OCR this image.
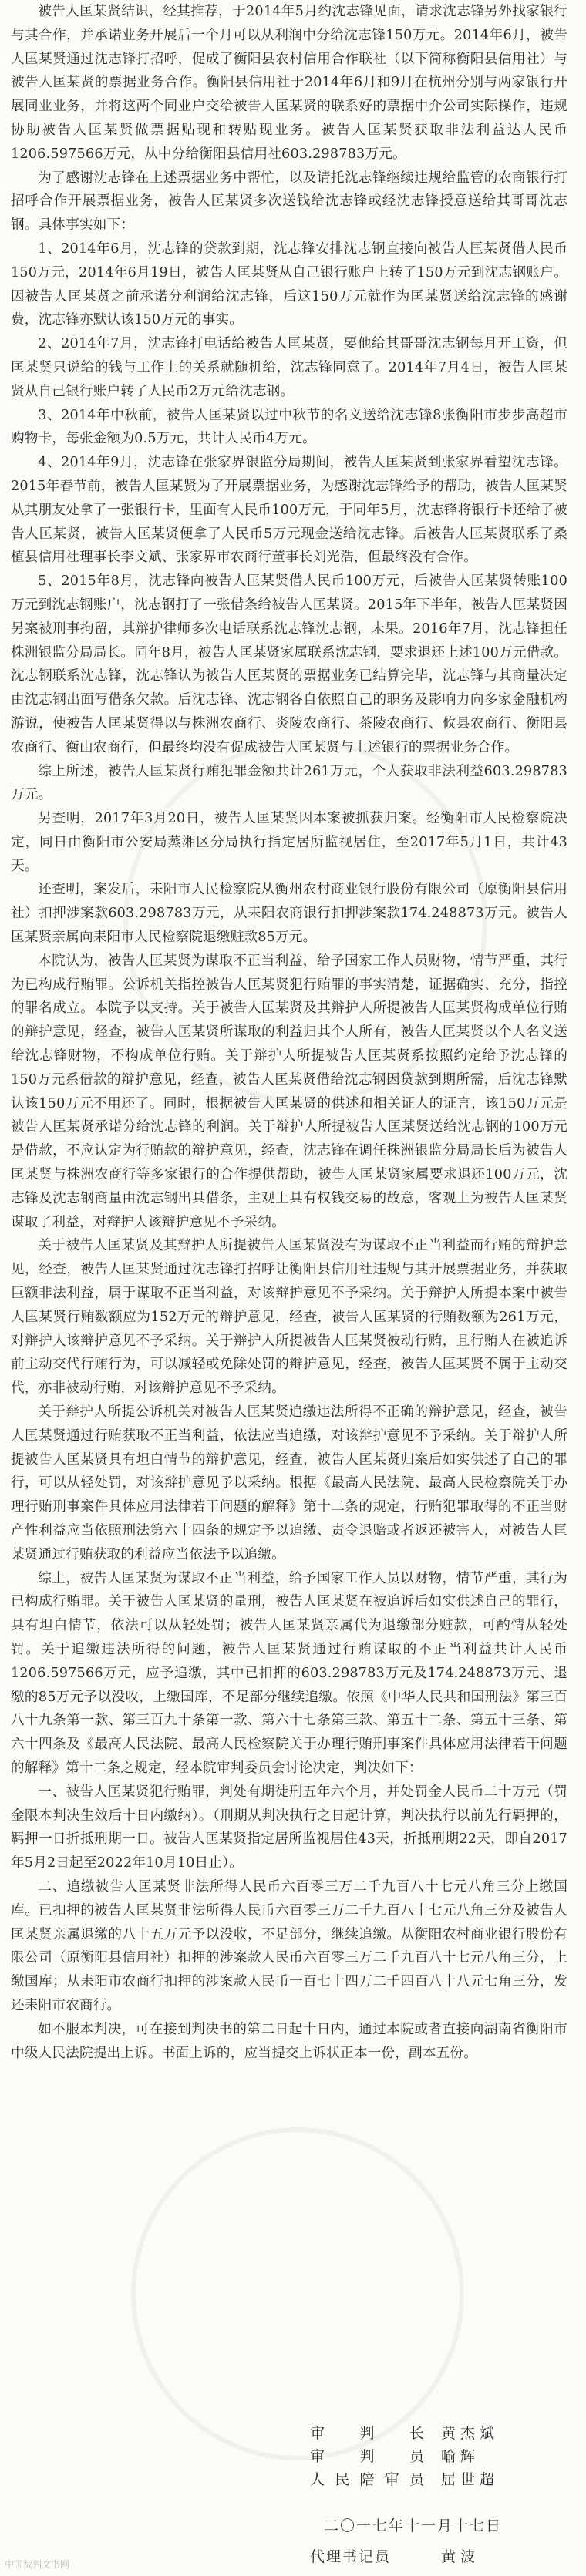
被告人匡某贤结识，经其推荐，于2014年5月约沈志锋见面，请求沈志锋另外找家银行与其合作，并承诺业务开展后一个月可以从利润中分给沈志锋150万元。2014年6月，被告人匡某贤通过沈志锋打招呼，促成了衡阳县农村信用合作联社（以下简称衡阳县信用社）与被告人匡某贤的票据业务合作。衡阳县信用社于2014年6月和9月在杭州分别与两家银行开展同业业务，并将这两个同业户交给被告人匡某贤的联系好的票据中介公司实际操作，违规协助被告人匡某贤做票据贴现和转贴现业务。被告人匡某贤获取非法利益达人民币1206.597566万元，从中分给衡阳县信用社603.298783万元。

为了感谢沈志锋在上述票据业务中帮忙，以及请托沈志锋继续违规给监管的农商银行打招呼合作开展票据业务，被告人匡某贤多次送钱给沈志锋或经沈志锋授意送给其哥哥沈志钢。具体事实如下：

1、2014年6月，沈志锋的贷款到期，沈志锋安排沈志钢直接向被告人匡某贤借人民币150万元，2014年6月19日，被告人匡某贤从自己银行账户上转了150万元到沈志钢账户。因被告人匡某贤之前承诺分利润给沈志锋，后这150万元就作为匡某贤送给沈志锋的感谢费，沈志锋亦默认该150万元的事实。

2、2014年7月，沈志锋打电话给被告人匡某贤，要他给其哥哥沈志钢每月开工资，但匡某贤只说给的钱与工作上的关系就随机给，沈志锋同意了。2014年7月4日，被告人匡某贤从自己银行账户转了人民币2万元给沈志钢。

3、2014年中秋前，被告人匡某贤以过中秋节的名义送给沈志锋8张衡阳市步步高超市购物卡，每张金额为0.5万元，共计人民币4万元。

4、2014年9月，沈志锋在张家界银监分局期间，被告人匡某贤到张家界看望沈志锋。2015年春节前，被告人匡某贤为了开展票据业务，为感谢沈志锋给予的帮助，被告人匡某贤从其朋友处拿了一张银行卡，里面有人民币100万元，于同年5月，沈志锋将银行卡还给了被告人匡某贤，被告人匡某贤便拿了人民币5万元现金送给沈志锋。后被告人匡某贤联系了桑植县信用社理事长李文斌、张家界市农商行董事长刘光浩，但最终没有合作。

5、2015年8月，沈志锋向被告人匡某贤借人民币100万元，后被告人匡某贤转账100万元到沈志钢账户，沈志钢打了一张借条给被告人匡某贤。2015年下半年，被告人匡某贤因另案被刑事拘留，其辩护律师多次电话联系沈志锋沈志钢，未果。2016年7月，沈志锋担任株洲银监分局局长。同年8月，被告人匡某贤家属联系沈志钢，要求退还上述100万元借款。沈志钢联系沈志锋，沈志锋认为被告人匡某贤的票据业务已结算完毕，沈志锋与其商量决定由沈志钢出面写借条欠款。后沈志锋、沈志钢各自依照自己的职务及影响力向多家金融机构游说，使被告人匡某贤得以与株洲农商行、炎陵农商行、茶陵农商行、攸县农商行、衡阳县农商行、衡山农商行，但最终均没有促成被告人匡某贤与上述银行的票据业务合作。

综上所述，被告人匡某贤行贿犯罪金额共计261万元，个人获取非法利益603.298783万元。

另查明，2017年3月20日，被告人匡某贤因本案被抓获归案。经衡阳市人民检察院决定，同日由衡阳市公安局蒸湘区分局执行指定居所监视居住，至2017年5月1日，共计43天。

还查明，案发后，耒阳市人民检察院从衡州农村商业银行股份有限公司（原衡阳县信用社）扣押涉案款603.298783万元，从耒阳农商银行扣押涉案款174.248873万元。被告人匡某贤亲属向耒阳市人民检察院退缴赃款85万元。

本院认为，被告人匡某贤为谋取不正当利益，给予国家工作人员财物，情节严重，其行为已构成行贿罪。公诉机关指控被告人匡某贤犯行贿罪的事实清楚，证据确实、充分，指控的罪名成立。本院予以支持。关于被告人匡某贤及其辩护人所提被告人匡某贤构成单位行贿的辩护意见，经查，被告人匡某贤所谋取的利益归其个人所有，被告人匡某贤以个人名义送给沈志锋财物，不构成单位行贿。关于辩护人所提被告人匡某贤系按照约定给予沈志锋的150万元系借款的辩护意见，经查，被告人匡某贤借给沈志钢因贷款到期所需，后沈志锋默认该150万元不用还了。同时，根据被告人匡某贤的供述和相关证人的证言，该150万元是被告人匡某贤承诺分给沈志锋的利润。关于辩护人所提被告人匡某贤送给沈志钢的100万元是借款，不应认定为行贿款的辩护意见，经查，沈志锋在调任株洲银监分局局长后为被告人匡某贤与株洲农商行等多家银行的合作提供帮助，被告人匡某贤家属要求退还100万元，沈志锋及沈志钢商量由沈志钢出具借条，主观上具有权钱交易的故意，客观上为被告人匡某贤谋取了利益，对辩护人该辩护意见不予采纳。

关于被告人匡某贤及其辩护人所提被告人匡某贤没有为谋取不正当利益而行贿的辩护意见，经查，被告人匡某贤通过沈志锋打招呼让衡阳县信用社违规与其开展票据业务，并获取巨额非法利益，属于谋取不正当利益，对该辩护意见不予采纳。关于辩护人所提本案中被告人匡某贤行贿数额应为152万元的辩护意见，经查，被告人匡某贤的行贿数额为261万元，对辩护人该辩护意见不予采纳。关于辩护人所提被告人匡某贤被动行贿，且行贿人在被追诉前主动交代行贿行为，可以减轻或免除处罚的辩护意见，经查，被告人匡某贤不属于主动交代，亦非被动行贿，对该辩护意见不予采纳。

关于辩护人所提公诉机关对被告人匡某贤追缴违法所得不正确的辩护意见，经查，被告人匡某贤通过行贿获取不正当利益，依法应当追缴，对该辩护意见不予采纳。关于辩护人所提被告人匡某贤具有坦白情节的辩护意见，经查，被告人匡某贤归案后如实供述了自己的罪行，可以从轻处罚，对该辩护意见予以采纳。根据《最高人民法院、最高人民检察院关于办理行贿刑事案件具体应用法律若干问题的解释》第十二条的规定，行贿犯罪取得的不正当财产性利益应当依照刑法第六十四条的规定予以追缴、责令退赔或者返还被害人，对被告人匡某贤通过行贿获取的利益应当依法予以追缴。

综上，被告人匡某贤为谋取不正当利益，给予国家工作人员以财物，情节严重，其行为已构成行贿罪。关于被告人匡某贤的量刑，被告人匡某贤在被追诉后如实供述自己的罪行，具有坦白情节，依法可以从轻处罚；被告人匡某贤亲属代为退缴部分赃款，可酌情从轻处罚。关于追缴违法所得的问题，被告人匡某贤通过行贿谋取的不正当利益共计人民币1206.597566万元，应予追缴，其中已扣押的603.298783万元及174.248873万元、退缴的85万元予以没收，上缴国库，不足部分继续追缴。依照《中华人民共和国刑法》第三百八十九条第一款、第三百九十条第一款、第六十七条第三款、第五十二条、第五十三条、第六十四条及《最高人民法院、最高人民检察院关于办理行贿刑事案件具体应用法律若干问题的解释》第十二条之规定，经本院审判委员会讨论决定，判决如下：

一、被告人匡某贤犯行贿罪，判处有期徒刑五年六个月，并处罚金人民币二十万元（罚金限本判决生效后十日内缴纳）。（刑期从判决执行之日起计算，判决执行以前先行羁押的，羁押一日折抵刑期一日。被告人匡某贤指定居所监视居住43天，折抵刑期22天，即自2017年5月2日起至2022年10月10日止）。

二、追缴被告人匡某贤非法所得人民币六百零三万二千九百八十七元八角三分上缴国库。已扣押的被告人匡某贤非法所得人民币六百零三万二千九百八十七元八角三分及被告人匡某贤亲属退缴的八十五万元予以没收，不足部分，继续追缴。从衡阳农村商业银行股份有限公司（原衡阳县信用社）扣押的涉案款人民币六百零三万二千九百八十七元八角三分，上缴国库；从耒阳市农商行扣押的涉案款人民币一百七十四万二千四百八十八元七角三分，发还耒阳市农商行。

如不服本判决，可在接到判决书的第二日起十日内，通过本院或者直接向湖南省衡阳市中级人民法院提出上诉。书面上诉的，应当提交上诉状正本一份，副本五份。

审判长	黄杰斌
审判员	喻辉
人民陪审员	屈世超
二〇一七年十一月十七日
代理书记员	黄波
中国裁判文书网
